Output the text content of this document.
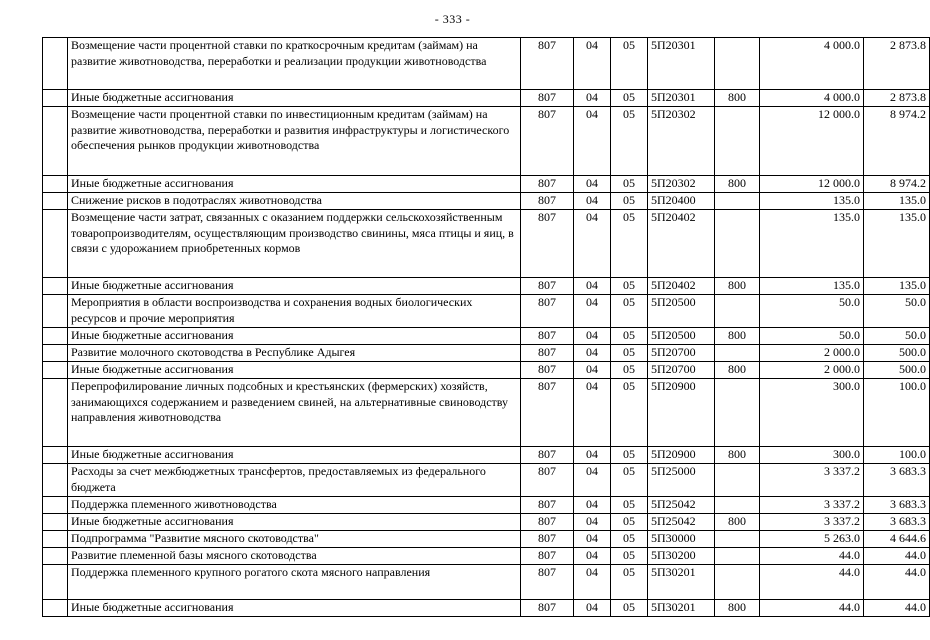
- 333 -
	Возмещение части процентной ставки по краткосрочным кредитам (займам) на развитие животноводства, переработки и реализации продукции животноводства	807	04	05	5П20301		4 000.0	2 873.8
	Иные бюджетные ассигнования	807	04	05	5П20301	800	4 000.0	2 873.8
	Возмещение части процентной ставки по инвестиционным кредитам (займам) на развитие животноводства, переработки и развития инфраструктуры и логистического обеспечения рынков продукции животноводства	807	04	05	5П20302		12 000.0	8 974.2
	Иные бюджетные ассигнования	807	04	05	5П20302	800	12 000.0	8 974.2
	Снижение рисков в подотраслях животноводства	807	04	05	5П20400		135.0	135.0
	Возмещение части затрат, связанных с оказанием поддержки сельскохозяйственным товаропроизводителям, осуществляющим производство свинины, мяса птицы и яиц, в связи с удорожанием приобретенных кормов	807	04	05	5П20402		135.0	135.0
	Иные бюджетные ассигнования	807	04	05	5П20402	800	135.0	135.0
	Мероприятия в области воспроизводства и сохранения водных биологических ресурсов и прочие мероприятия	807	04	05	5П20500		50.0	50.0
	Иные бюджетные ассигнования	807	04	05	5П20500	800	50.0	50.0
	Развитие молочного скотоводства в Республике Адыгея	807	04	05	5П20700		2 000.0	500.0
	Иные бюджетные ассигнования	807	04	05	5П20700	800	2 000.0	500.0
	Перепрофилирование личных подсобных и крестьянских (фермерских) хозяйств, занимающихся содержанием и разведением свиней, на альтернативные свиноводству направления животноводства	807	04	05	5П20900		300.0	100.0
	Иные бюджетные ассигнования	807	04	05	5П20900	800	300.0	100.0
	Расходы за счет межбюджетных трансфертов, предоставляемых из федерального бюджета	807	04	05	5П25000		3 337.2	3 683.3
	Поддержка племенного животноводства	807	04	05	5П25042		3 337.2	3 683.3
	Иные бюджетные ассигнования	807	04	05	5П25042	800	3 337.2	3 683.3
	Подпрограмма "Развитие мясного скотоводства"	807	04	05	5П30000		5 263.0	4 644.6
	Развитие племенной базы мясного скотоводства	807	04	05	5П30200		44.0	44.0
	Поддержка племенного крупного рогатого скота мясного направления	807	04	05	5П30201		44.0	44.0
	Иные бюджетные ассигнования	807	04	05	5П30201	800	44.0	44.0
